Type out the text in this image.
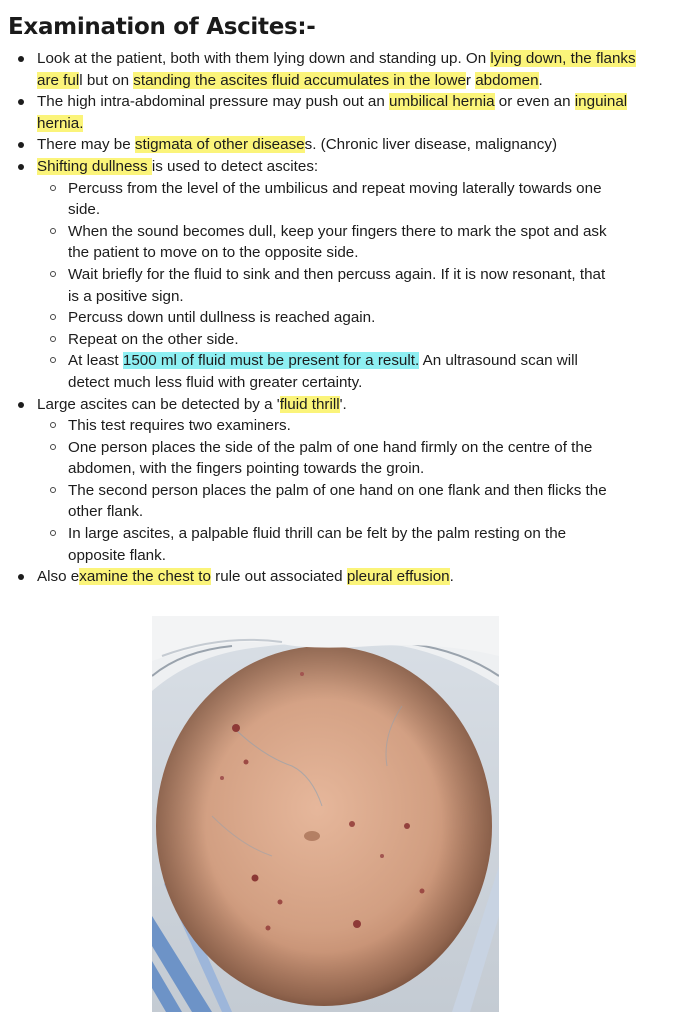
Examination of Ascites:-
Look at the patient, both with them lying down and standing up. On lying down, the flanks are full but on standing the ascites fluid accumulates in the lower abdomen.
The high intra-abdominal pressure may push out an umbilical hernia or even an inguinal hernia.
There may be stigmata of other diseases. (Chronic liver disease, malignancy)
Shifting dullness is used to detect ascites:
Percuss from the level of the umbilicus and repeat moving laterally towards one side.
When the sound becomes dull, keep your fingers there to mark the spot and ask the patient to move on to the opposite side.
Wait briefly for the fluid to sink and then percuss again. If it is now resonant, that is a positive sign.
Percuss down until dullness is reached again.
Repeat on the other side.
At least 1500 ml of fluid must be present for a result. An ultrasound scan will detect much less fluid with greater certainty.
Large ascites can be detected by a 'fluid thrill'.
This test requires two examiners.
One person places the side of the palm of one hand firmly on the centre of the abdomen, with the fingers pointing towards the groin.
The second person places the palm of one hand on one flank and then flicks the other flank.
In large ascites, a palpable fluid thrill can be felt by the palm resting on the opposite flank.
Also examine the chest to rule out associated pleural effusion.
